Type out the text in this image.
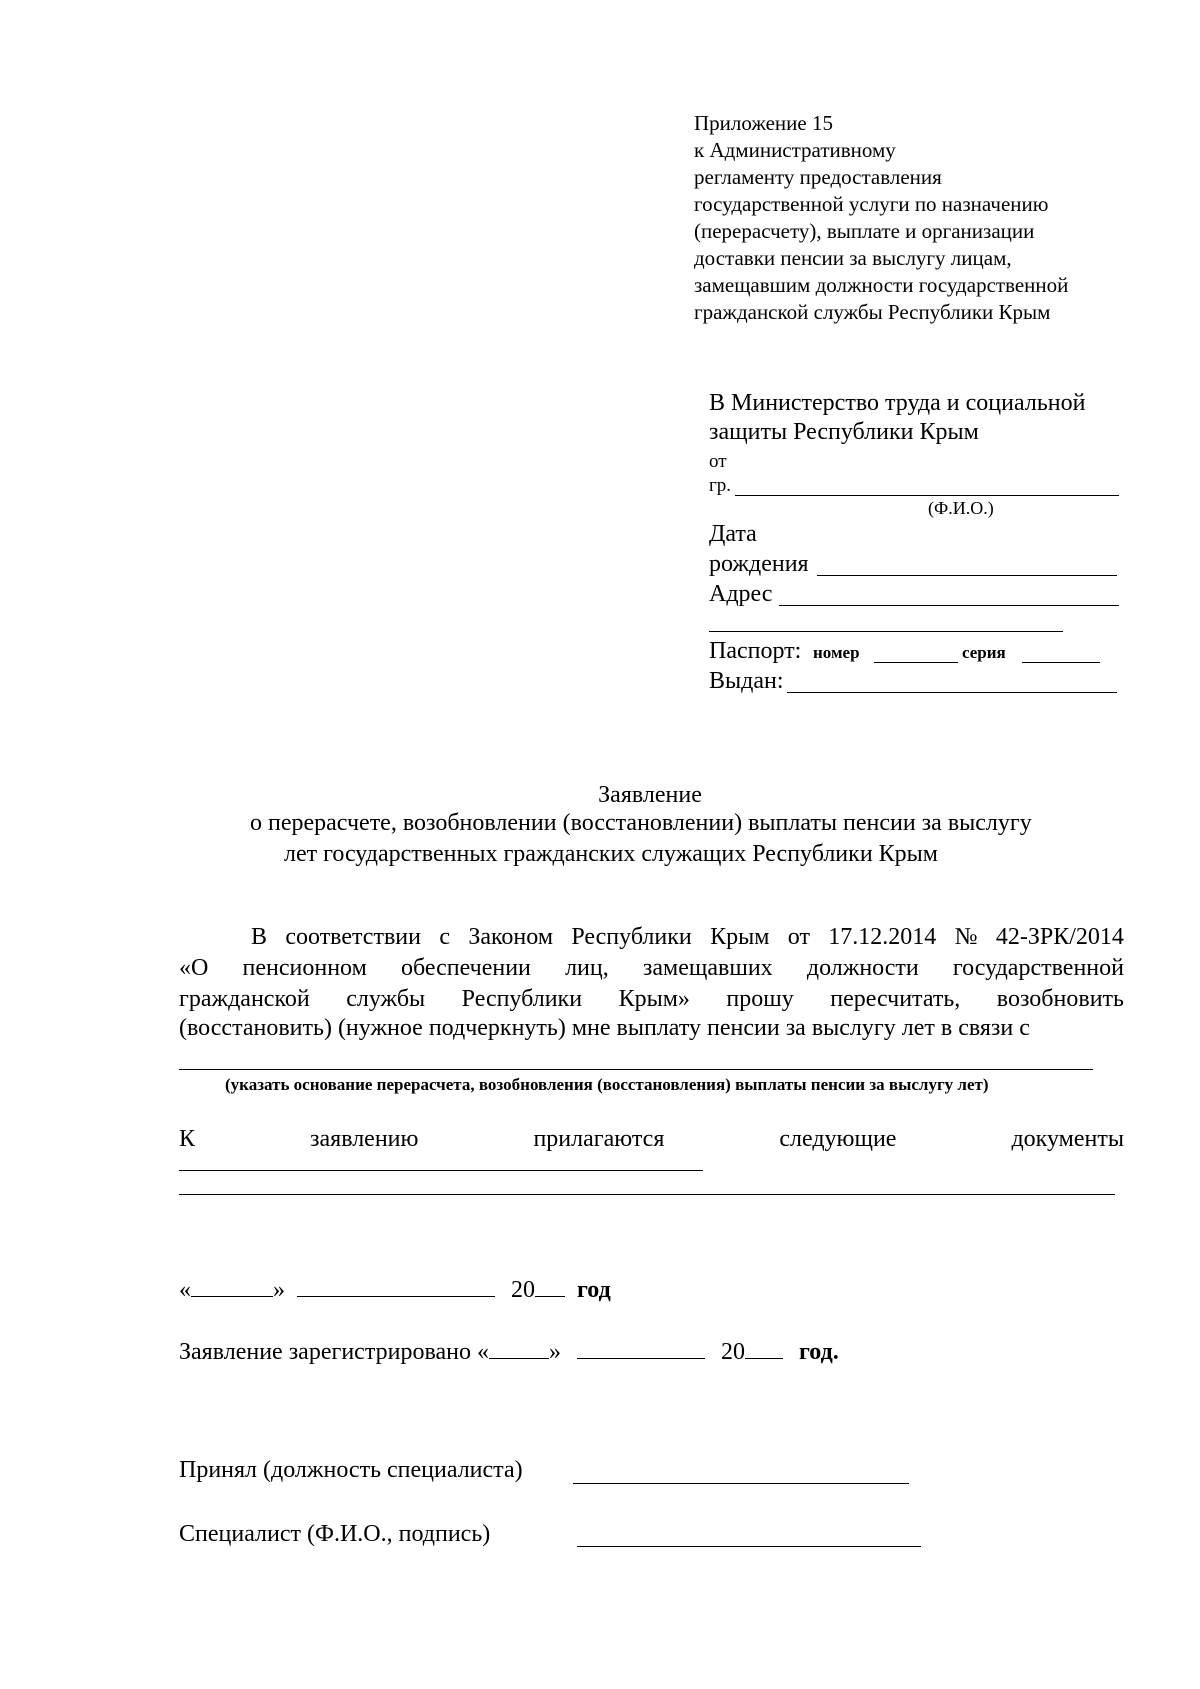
Приложение 15
к Административному
регламенту предоставления
государственной услуги по назначению
(перерасчету), выплате и организации
доставки пенсии за выслугу лицам,
замещавшим должности государственной
гражданской службы Республики Крым
В Министерство труда и социальной
защиты Республики Крым
от
гр.
(Ф.И.О.)
Дата
рождения
Адрес
Паспорт: номер	серия
Выдан:
Заявление
о перерасчете, возобновлении (восстановлении) выплаты пенсии за выслугу
лет государственных гражданских служащих Республики Крым
В соответствии с Законом Республики Крым от 17.12.2014 № 42-ЗРК/2014
«О пенсионном обеспечении лиц, замещавших должности государственной
гражданской службы Республики Крым» прошу пересчитать, возобновить
(восстановить) (нужное подчеркнуть) мне выплату пенсии за выслугу лет в связи с
(указать основание перерасчета, возобновления (восстановления) выплаты пенсии за выслугу лет)
К	заявлению	прилагаются	следующие	документы
«	»	20 год
Заявление зарегистрировано «	»	20 год.
Принял (должность специалиста)
Специалист (Ф.И.О., подпись)
